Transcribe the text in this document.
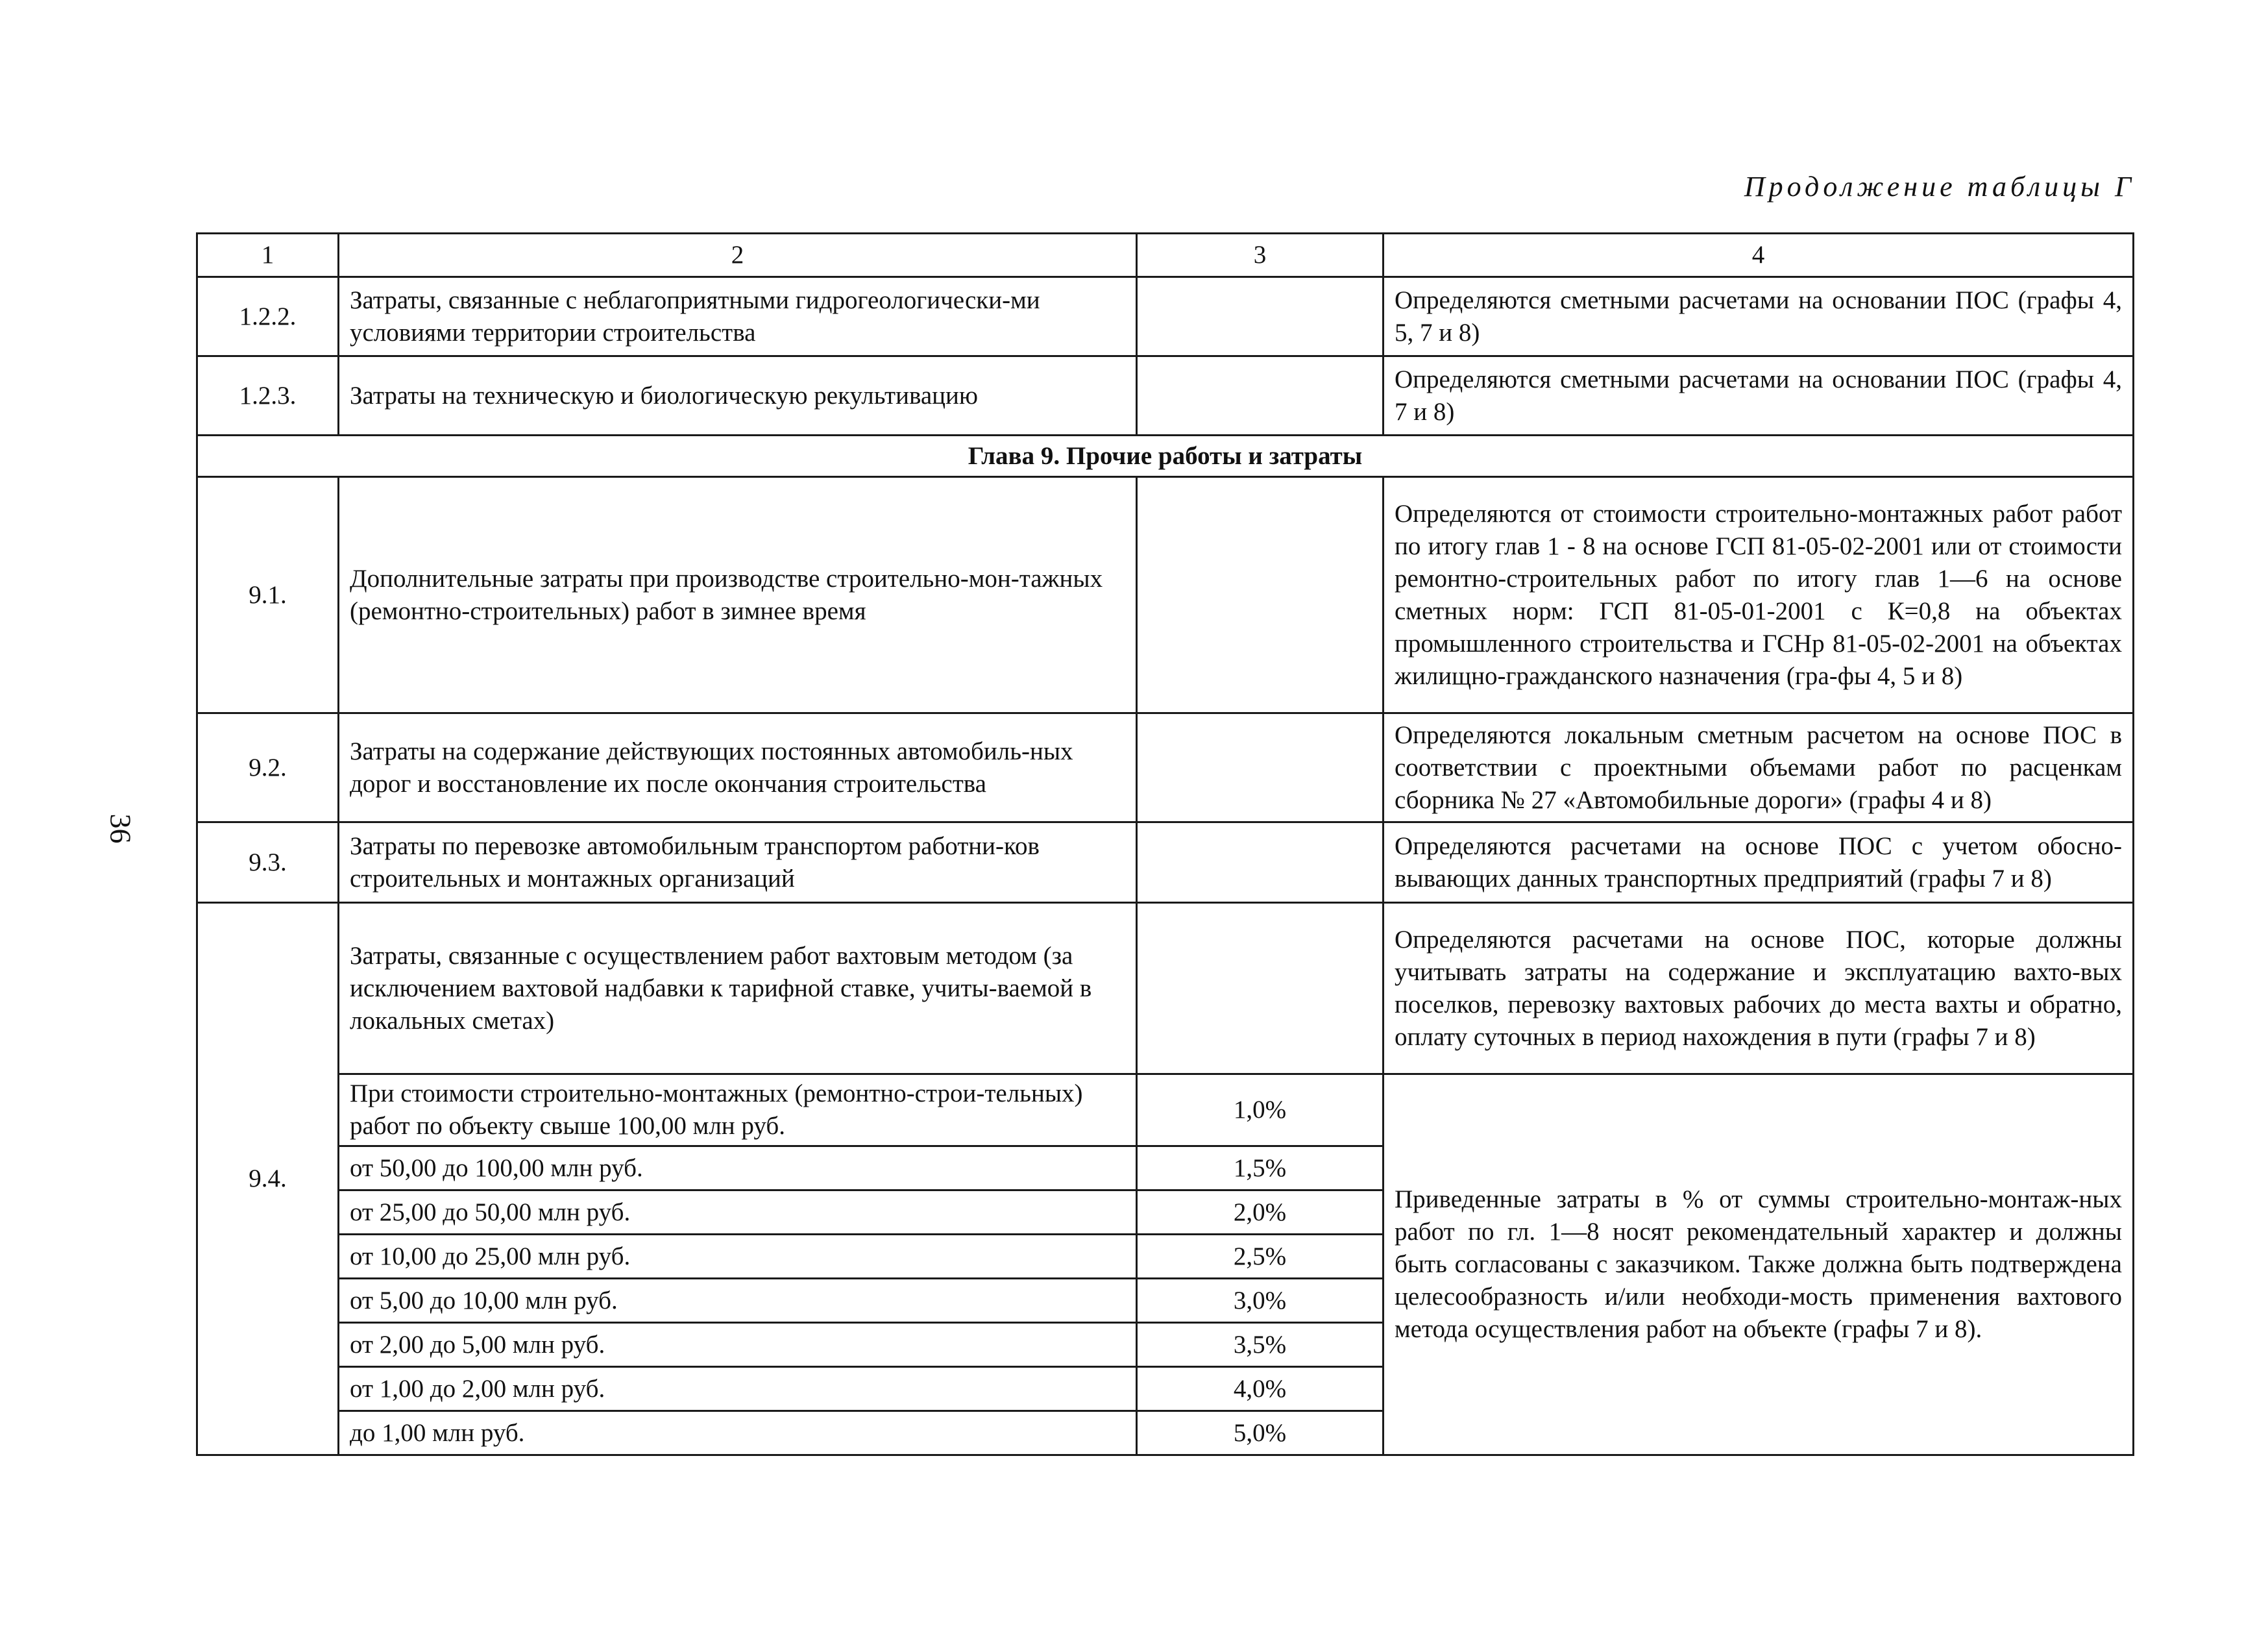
Продолжение таблицы Г
36
1	2	3	4
1.2.2.	Затраты, связанные с неблагоприятными гидрогеологически-ми условиями территории строительства		Определяются сметными расчетами на основании ПОС (графы 4, 5, 7 и 8)
1.2.3.	Затраты на техническую и биологическую рекультивацию		Определяются сметными расчетами на основании ПОС (графы 4, 7 и 8)
Глава 9. Прочие работы и затраты			
9.1.	Дополнительные затраты при производстве строительно-мон-тажных (ремонтно-строительных) работ в зимнее время		Определяются от стоимости строительно-монтажных работ работ по итогу глав 1 - 8 на основе ГСП 81-05-02-2001 или от стоимости ремонтно-строительных работ по итогу глав 1—6 на основе сметных норм: ГСП 81-05-01-2001 с К=0,8 на объектах промышленного строительства и ГСНр 81-05-02-2001 на объектах жилищно-гражданского назначения (гра-фы 4, 5 и 8)
9.2.	Затраты на содержание действующих постоянных автомобиль-ных дорог и восстановление их после окончания строительства		Определяются локальным сметным расчетом на основе ПОС в соответствии с проектными объемами работ по расценкам сборника № 27 «Автомобильные дороги» (графы 4 и 8)
9.3.	Затраты по перевозке автомобильным транспортом работни-ков строительных и монтажных организаций		Определяются расчетами на основе ПОС с учетом обосно-вывающих данных транспортных предприятий (графы 7 и 8)
9.4.	Затраты, связанные с осуществлением работ вахтовым методом (за исключением вахтовой надбавки к тарифной ставке, учиты-ваемой в локальных сметах)		Определяются расчетами на основе ПОС, которые должны учитывать затраты на содержание и эксплуатацию вахто-вых поселков, перевозку вахтовых рабочих до места вахты и обратно, оплату суточных в период нахождения в пути (графы 7 и 8)
	При стоимости строительно-монтажных (ремонтно-строи-тельных) работ по объекту свыше 100,00 млн руб.	1,0%	Приведенные затраты в % от суммы строительно-монтаж-ных работ по гл. 1—8 носят рекомендательный характер и должны быть согласованы с заказчиком. Также должна быть подтверждена целесообразность и/или необходи-мость применения вахтового метода осуществления работ на объекте (графы 7 и 8).
	от 50,00 до 100,00 млн руб.	1,5%	
	от 25,00 до 50,00 млн руб.	2,0%	
	от 10,00 до 25,00 млн руб.	2,5%	
	от 5,00 до 10,00 млн руб.	3,0%	
	от 2,00 до 5,00 млн руб.	3,5%	
	от 1,00 до 2,00 млн руб.	4,0%	
	до 1,00 млн руб.	5,0%	
